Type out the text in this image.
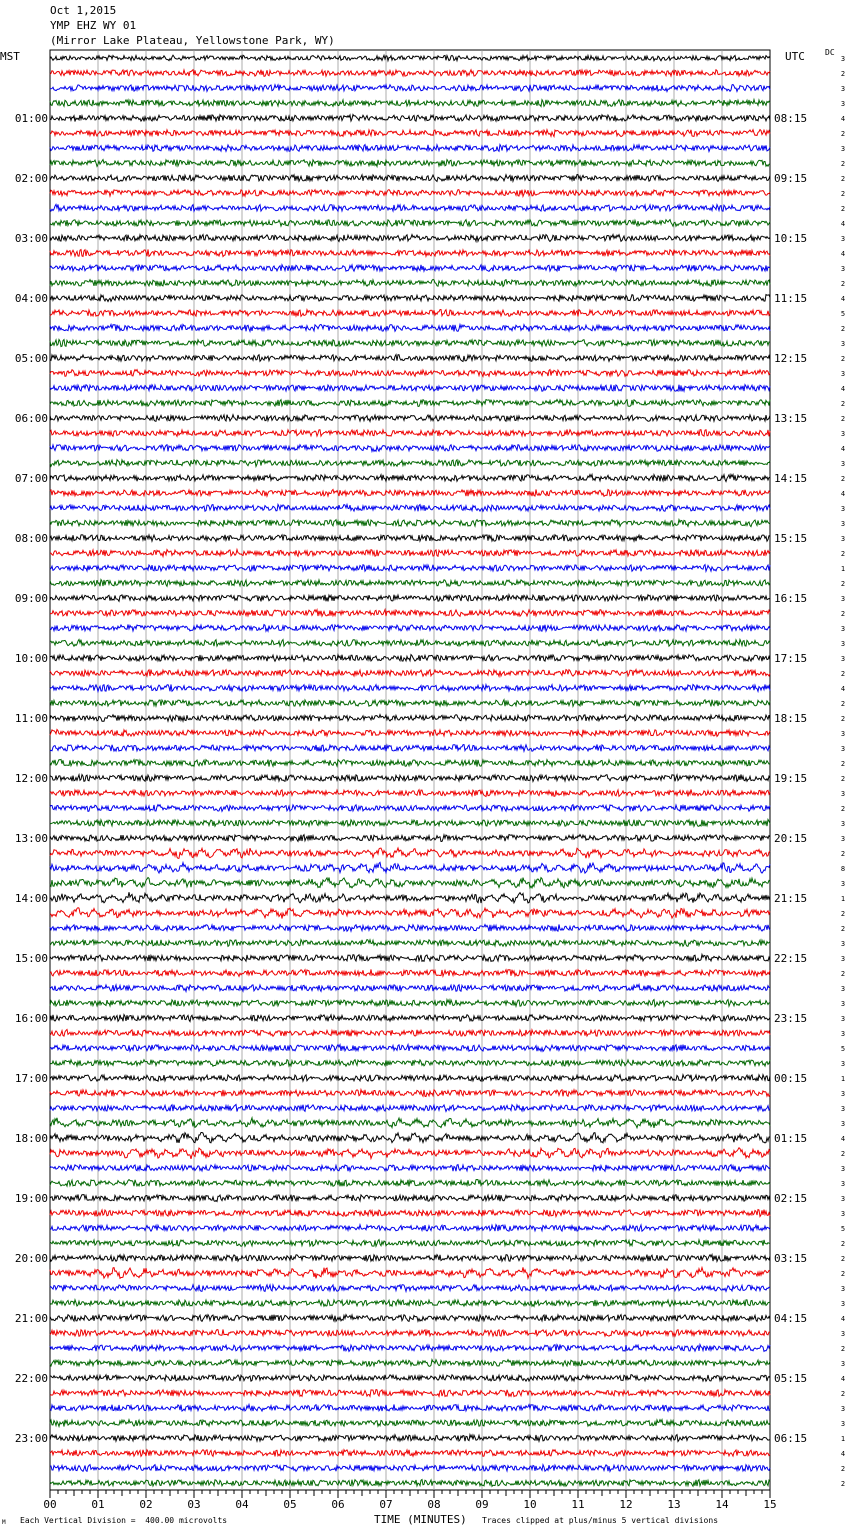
Oct 1,2015
YMP EHZ WY 01
(Mirror Lake Plateau, Yellowstone Park, WY)
MST	UTC	DC
00	01	02	03	04	05	06	07	08	09	10	11	12	13	14	15
01:00
02:00
03:00
04:00
05:00
06:00
07:00
08:00
09:00
10:00
11:00
12:00
13:00
14:00
15:00
16:00
17:00
18:00
19:00
20:00
21:00
22:00
23:00
08:15
09:15
10:15
11:15
12:15
13:15
14:15
15:15
16:15
17:15
18:15
19:15
20:15
21:15
22:15
23:15
00:15
01:15
02:15
03:15
04:15
05:15
06:15
3
2
3
3
4
2
3
2
2
2
2
4
3
4
3
2
4
5
2
3
2
3
4
2
2
3
4
3
2
4
3
3
3
2
1
2
3
2
3
3
3
2
4
2
2
3
3
2
2
3
2
3
3
2
8
3
1
2
2
3
3
2
3
3
3
3
5
3
1
3
3
3
4
2
3
3
3
3
5
2
2
2
3
3
4
3
2
3
4
2
3
3
1
4
2
2
Each Vertical Division =  400.00 microvolts	TIME (MINUTES) Traces clipped at plus/minus 5 vertical divisions
M
